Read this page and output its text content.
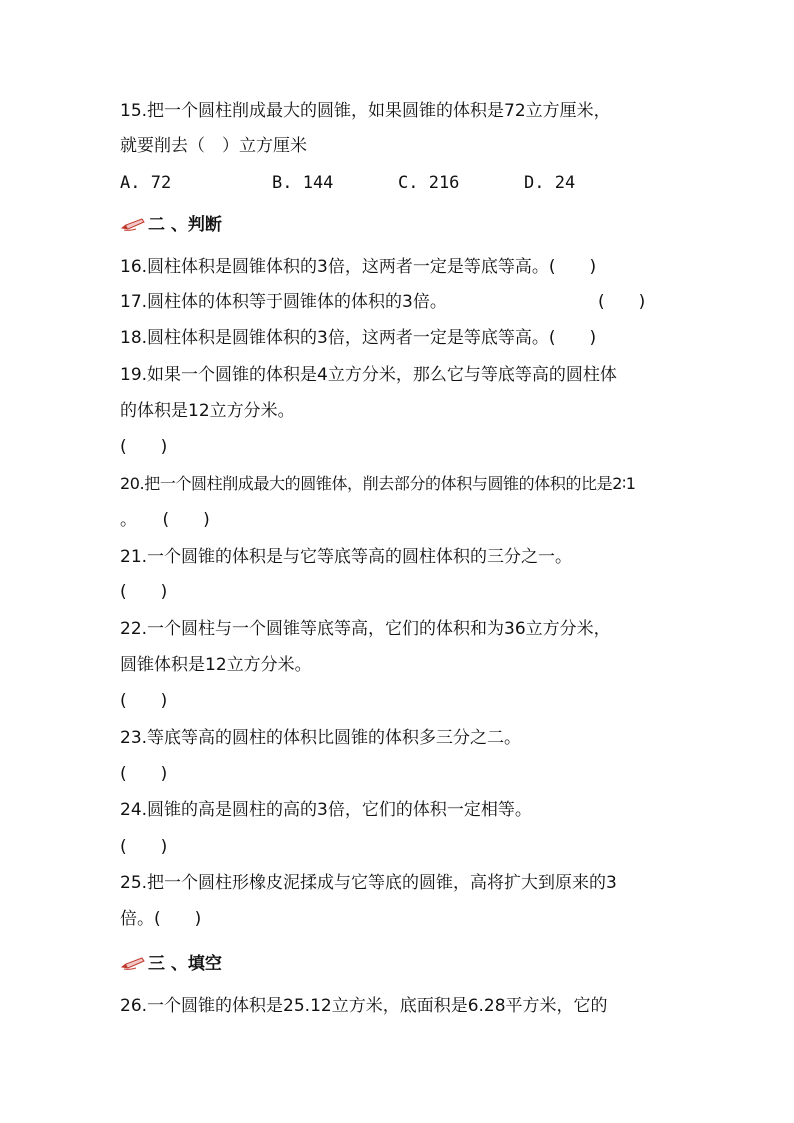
15.把一个圆柱削成最大的圆锥，如果圆锥的体积是72立方厘米，
就要削去（　）立方厘米
A. 72	B. 144	C. 216	D. 24
二 、判断
16.圆柱体积是圆锥体积的3倍，这两者一定是等底等高。(　　)
17.圆柱体的体积等于圆锥体的体积的3倍。	(　　)
18.圆柱体积是圆锥体积的3倍，这两者一定是等底等高。(　　)
19.如果一个圆锥的体积是4立方分米，那么它与等底等高的圆柱体
的体积是12立方分米。
(　　)
20.把一个圆柱削成最大的圆锥体，削去部分的体积与圆锥的体积的比是2∶1
。　　(　　)
21.一个圆锥的体积是与它等底等高的圆柱体积的三分之一。
(　　)
22.一个圆柱与一个圆锥等底等高，它们的体积和为36立方分米，
圆锥体积是12立方分米。
(　　)
23.等底等高的圆柱的体积比圆锥的体积多三分之二。
(　　)
24.圆锥的高是圆柱的高的3倍，它们的体积一定相等。
(　　)
25.把一个圆柱形橡皮泥揉成与它等底的圆锥，高将扩大到原来的3
倍。(　　)
三 、填空
26.一个圆锥的体积是25.12立方米，底面积是6.28平方米，它的
